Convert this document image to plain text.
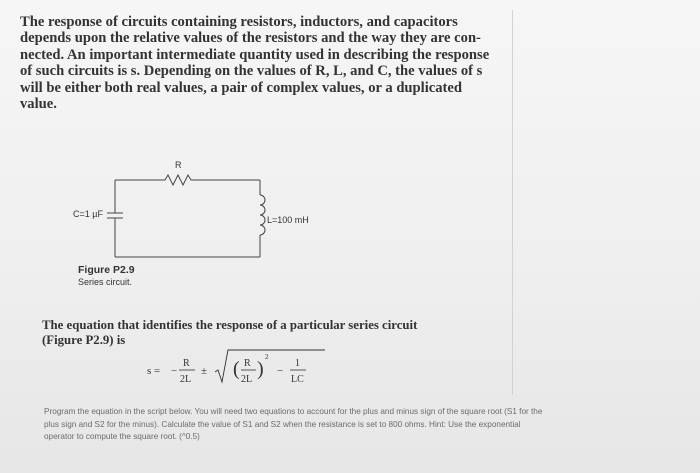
The response of circuits containing resistors, inductors, and capacitors
depends upon the relative values of the resistors and the way they are con-
nected. An important intermediate quantity used in describing the response
of such circuits is s. Depending on the values of R, L, and C, the values of s
will be either both real values, a pair of complex values, or a duplicated
value.

R
C=1 µF
L=100 mH
Figure P2.9
Series circuit.
The equation that identifies the response of a particular series circuit
(Figure P2.9) is
s = −
R
2L
± ( R
2L )
2
−
1
LC
Program the equation in the script below. You will need two equations to account for the plus and minus sign of the square root (S1 for the
plus sign and S2 for the minus). Calculate the value of S1 and S2 when the resistance is set to 800 ohms. Hint: Use the exponential
operator to compute the square root. (^0.5)
